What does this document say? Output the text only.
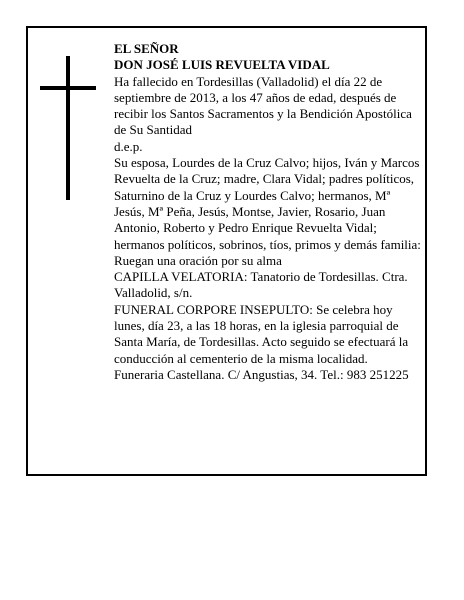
EL SEÑOR

DON JOSÉ LUIS REVUELTA VIDAL

Ha fallecido en Tordesillas (Valladolid) el día 22 de septiembre de 2013, a los 47 años de edad, después de recibir los Santos Sacramentos y la Bendición Apostólica de Su Santidad

d.e.p.

Su esposa, Lourdes de la Cruz Calvo; hijos, Iván y Marcos Revuelta de la Cruz; madre, Clara Vidal; padres políticos, Saturnino de la Cruz y Lourdes Calvo; hermanos, Mª Jesús, Mª Peña, Jesús, Montse, Javier, Rosario, Juan Antonio, Roberto y Pedro Enrique Revuelta Vidal; hermanos políticos, sobrinos, tíos, primos y demás familia:

Ruegan una oración por su alma

CAPILLA VELATORIA: Tanatorio de Tordesillas. Ctra. Valladolid, s/n.

FUNERAL CORPORE INSEPULTO: Se celebra hoy lunes, día 23, a las 18 horas, en la iglesia parroquial de Santa María, de Tordesillas. Acto seguido se efectuará la conducción al cementerio de la misma localidad.

Funeraria Castellana. C/ Angustias, 34. Tel.: 983 251225
